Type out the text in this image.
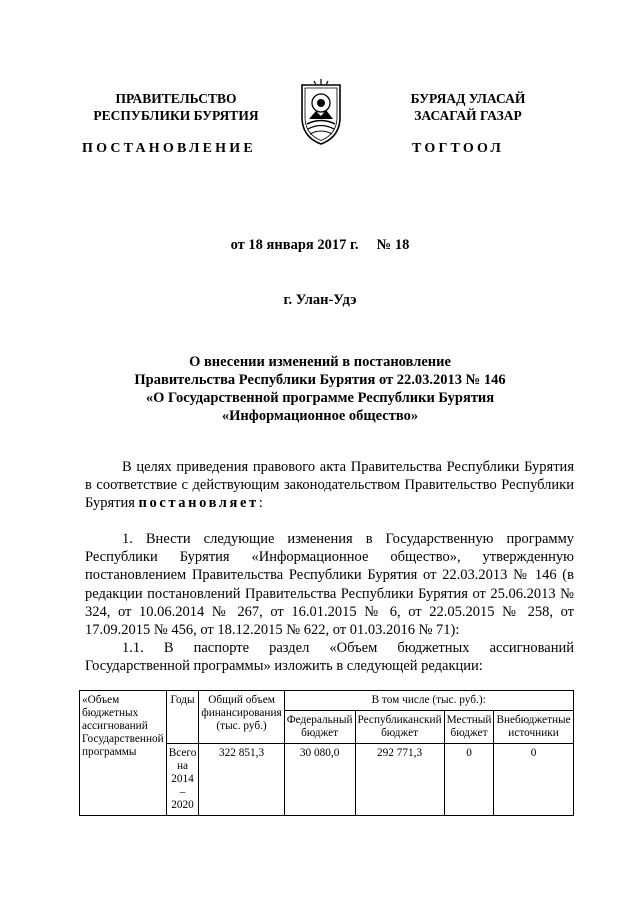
ПРАВИТЕЛЬСТВО
РЕСПУБЛИКИ БУРЯТИЯ
БУРЯАД УЛАСАЙ
ЗАСАГАЙ ГАЗАР
ПОСТАНОВЛЕНИЕ	ТОГТООЛ
от 18 января 2017 г.     № 18
г. Улан-Удэ
О внесении изменений в постановление
Правительства Республики Бурятия от 22.03.2013 № 146
«О Государственной программе Республики Бурятия
«Информационное общество»

В целях приведения правового акта Правительства Республики Бурятия в соответствие с действующим законодательством Правительство Республики Бурятия постановляет:

1. Внести следующие изменения в Государственную программу Республики Бурятия «Информационное общество», утвержденную постановлением Правительства Республики Бурятия от 22.03.2013 № 146 (в редакции постановлений Правительства Республики Бурятия от 25.06.2013 № 324, от 10.06.2014 № 267, от 16.01.2015 № 6, от 22.05.2015 № 258, от 17.09.2015 № 456, от 18.12.2015 № 622, от 01.03.2016 № 71):

1.1. В паспорте раздел «Объем бюджетных ассигнований Государственной программы» изложить в следующей редакции:

«Объем бюджетных ассигнований Государственной программы	Годы	Общий объем финансирования (тыс. руб.)	В том числе (тыс. руб.):			
			Федеральный бюджет	Республиканский бюджет	Местный бюджет	Внебюджетные источники
	Всего на 2014 – 2020	322 851,3	30 080,0	292 771,3	0	0
